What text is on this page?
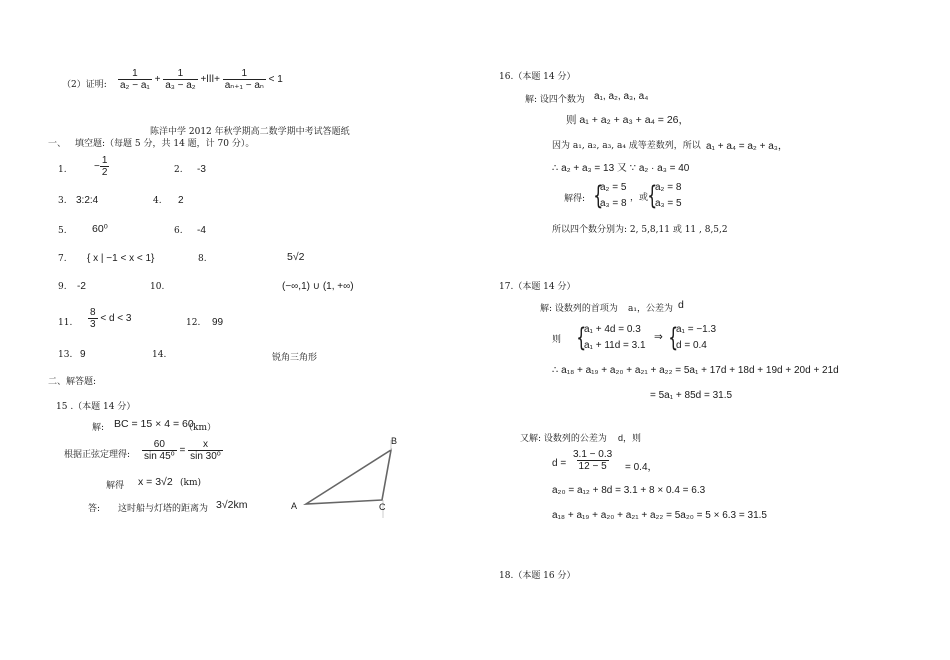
（2）证明: $\frac{1}{\text{a₂ − a₁}} + \frac{1}{\text{a₃ − a₂}}$ +ǀǀǀ+ $\frac{1}{\text{aₙ₊₁ − aₙ}} < 1$
陈洋中学 2012 年秋学期高二数学期中考试答题纸
一、 填空题:（每题 5 分，共 14 题，计 70 分）。
1.	− $\frac{1}{2}$	2. -3
3. 3:2:4	4. 2
5. 60⁰	6. -4
7. { x | −1 < x < 1}	8.	5√2
9. -2	10.	(−∞,1) ∪ (1, +∞)
11. $\frac{8}{3} < d < 3$	12. 99
13. 9	14.	锐角三角形
二、解答题:
15 .（本题 14 分）
解: BC = 15 × 4 = 60
（km）
根据正弦定理得: $\frac{60}{\text{sin 45⁰}} = \frac{x}{\text{sin 30⁰}}$
解得 x = 3√2 (km)
答: 这时船与灯塔的距离为 3√2km	A
B
C
16.（本题 14 分）
解: 设四个数为 a₁, a₂, a₃, a₄
则 a₁ + a₂ + a₃ + a₄ = 26，
因为 a₁, a₂, a₃, a₄ 成等差数列，所以 a₁ + a₄ = a₂ + a₃，
∴ a₂ + a₃ = 13 又 ∵ a₂ · a₃ = 40
解得: {
a₂ = 5
a₃ = 8 ，或 {
a₂ = 8
a₃ = 5
所以四个数分别为: 2, 5,8,11 或 11 , 8,5,2
17.（本题 14 分）
解: 设数列的首项为 a₁，公差为 d
则 {
a₁ + 4d = 0.3
a₁ + 11d = 3.1
⇒ {
a₁ = −1.3
d = 0.4
∴ a₁₈ + a₁₉ + a₂₀ + a₂₁ + a₂₂ = 5a₁ + 17d + 18d + 19d + 20d + 21d
= 5a₁ + 85d = 31.5
又解: 设数列的公差为 d，则
$d = \frac{3.1 - 0.3}{12 - 5} = 0.4$，
a₂₀ = a₁₂ + 8d = 3.1 + 8 × 0.4 = 6.3
a₁₈ + a₁₉ + a₂₀ + a₂₁ + a₂₂ = 5a₂₀ = 5 × 6.3 = 31.5
18.（本题 16 分）
